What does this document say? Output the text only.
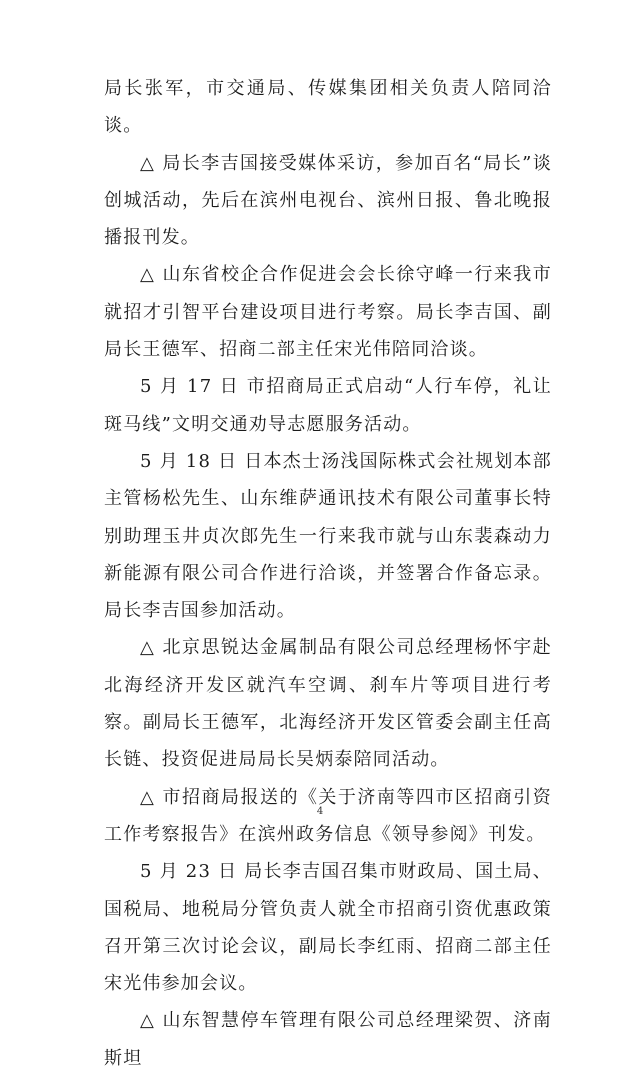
局长张军，市交通局、传媒集团相关负责人陪同洽谈。

△ 局长李吉国接受媒体采访，参加百名“局长”谈创城活动，先后在滨州电视台、滨州日报、鲁北晚报播报刊发。

△ 山东省校企合作促进会会长徐守峰一行来我市就招才引智平台建设项目进行考察。局长李吉国、副局长王德军、招商二部主任宋光伟陪同洽谈。

5 月 17 日 市招商局正式启动“人行车停，礼让斑马线”文明交通劝导志愿服务活动。

5 月 18 日 日本杰士汤浅国际株式会社规划本部主管杨松先生、山东维萨通讯技术有限公司董事长特别助理玉井贞次郎先生一行来我市就与山东裴森动力新能源有限公司合作进行洽谈，并签署合作备忘录。局长李吉国参加活动。

△ 北京思锐达金属制品有限公司总经理杨怀宇赴北海经济开发区就汽车空调、刹车片等项目进行考察。副局长王德军，北海经济开发区管委会副主任高长链、投资促进局局长吴炳泰陪同活动。

△ 市招商局报送的《关于济南等四市区招商引资工作考察报告》在滨州政务信息《领导参阅》刊发。

5 月 23 日 局长李吉国召集市财政局、国土局、国税局、地税局分管负责人就全市招商引资优惠政策召开第三次讨论会议，副局长李红雨、招商二部主任宋光伟参加会议。

△ 山东智慧停车管理有限公司总经理梁贺、济南斯坦

4
